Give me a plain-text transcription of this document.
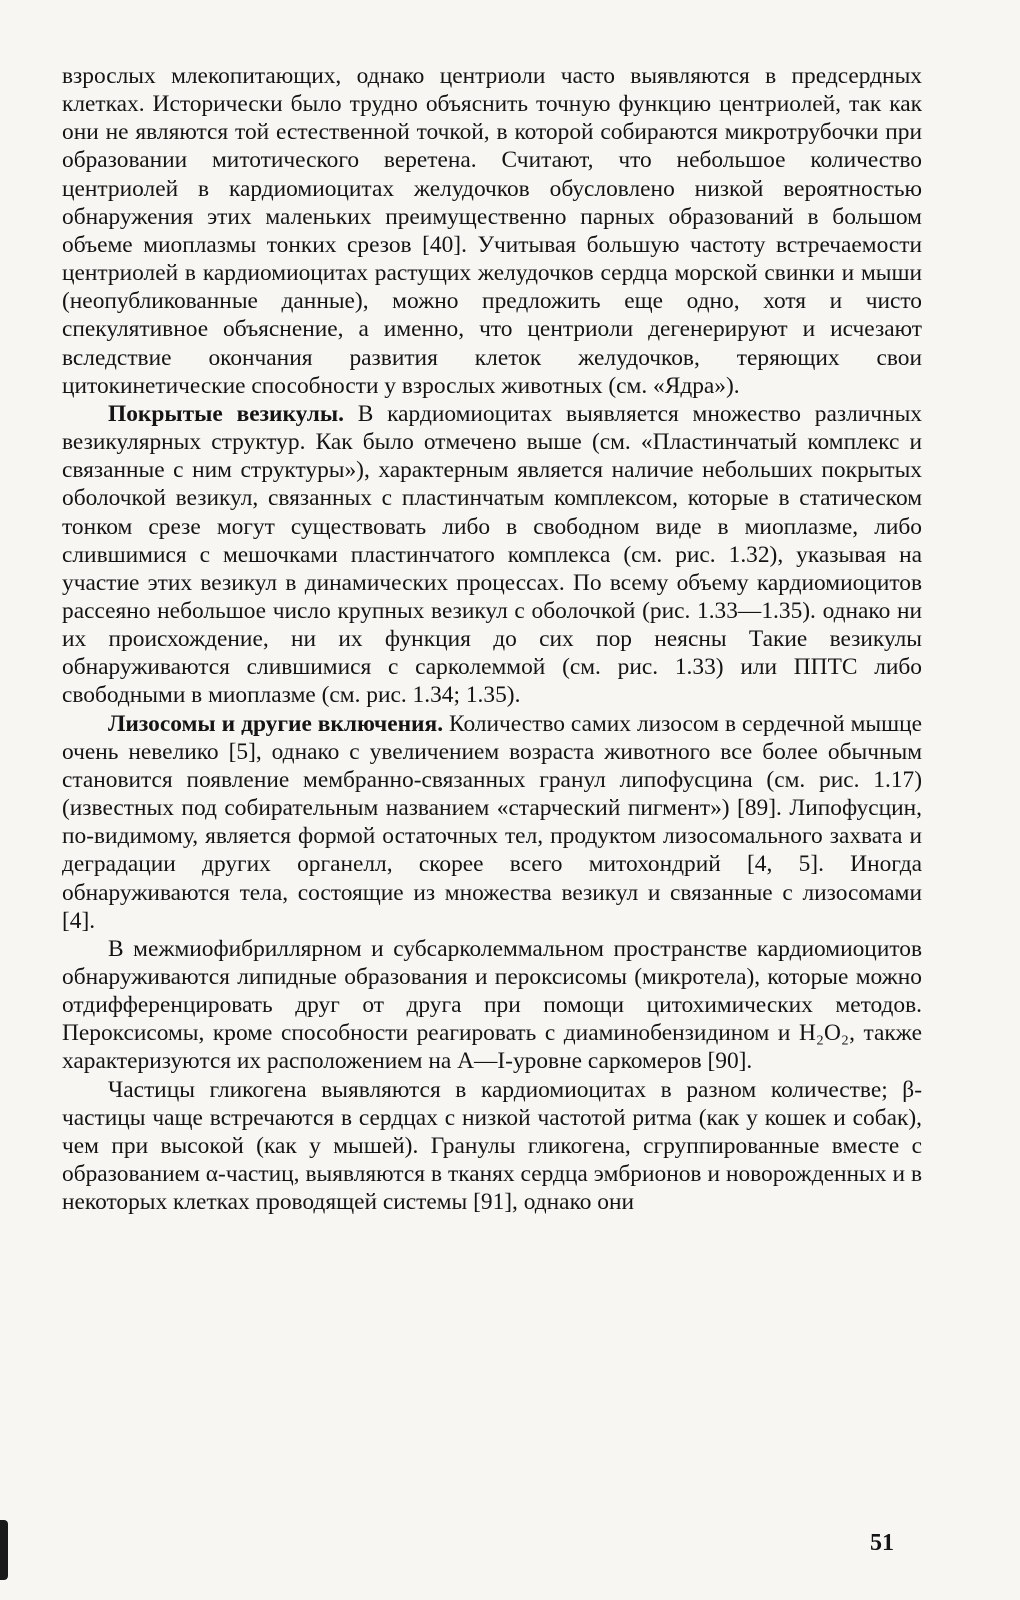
взрослых млекопитающих, однако центриоли часто выявляются в предсердных клетках. Исторически было трудно объяснить точную функцию центриолей, так как они не являются той естественной точкой, в которой собираются микротрубочки при образовании митотического веретена. Считают, что небольшое количество центриолей в кардиомиоцитах желудочков обусловлено низкой вероятностью обнаружения этих маленьких преимущественно парных образований в большом объеме миоплазмы тонких срезов [40]. Учитывая большую частоту встречаемости центриолей в кардиомиоцитах растущих желудочков сердца морской свинки и мыши (неопубликованные данные), можно предложить еще одно, хотя и чисто спекулятивное объяснение, а именно, что центриоли дегенерируют и исчезают вследствие окончания развития клеток желудочков, теряющих свои цитокинетические способности у взрослых животных (см. «Ядра»).

Покрытые везикулы. В кардиомиоцитах выявляется множество различных везикулярных структур. Как было отмечено выше (см. «Пластинчатый комплекс и связанные с ним структуры»), характерным является наличие небольших покрытых оболочкой везикул, связанных с пластинчатым комплексом, которые в статическом тонком срезе могут существовать либо в свободном виде в миоплазме, либо слившимися с мешочками пластинчатого комплекса (см. рис. 1.32), указывая на участие этих везикул в динамических процессах. По всему объему кардиомиоцитов рассеяно небольшое число крупных везикул с оболочкой (рис. 1.33—1.35). однако ни их происхождение, ни их функция до сих пор неясны Такие везикулы обнаруживаются слившимися с сарколеммой (см. рис. 1.33) или ППТС либо свободными в миоплазме (см. рис. 1.34; 1.35).

Лизосомы и другие включения. Количество самих лизосом в сердечной мышце очень невелико [5], однако с увеличением возраста животного все более обычным становится появление мембранно-связанных гранул липофусцина (см. рис. 1.17) (известных под собирательным названием «старческий пигмент») [89]. Липофусцин, по-видимому, является формой остаточных тел, продуктом лизосомального захвата и деградации других органелл, скорее всего митохондрий [4, 5]. Иногда обнаруживаются тела, состоящие из множества везикул и связанные с лизосомами [4].

В межмиофибриллярном и субсарколеммальном пространстве кардиомиоцитов обнаруживаются липидные образования и пероксисомы (микротела), которые можно отдифференцировать друг от друга при помощи цитохимических методов. Пероксисомы, кроме способности реагировать с диаминобензидином и H₂O₂, также характеризуются их расположением на A—I-уровне саркомеров [90].

Частицы гликогена выявляются в кардиомиоцитах в разном количестве; β-частицы чаще встречаются в сердцах с низкой частотой ритма (как у кошек и собак), чем при высокой (как у мышей). Гранулы гликогена, сгруппированные вместе с образованием α-частиц, выявляются в тканях сердца эмбрионов и новорожденных и в некоторых клетках проводящей системы [91], однако они

51
